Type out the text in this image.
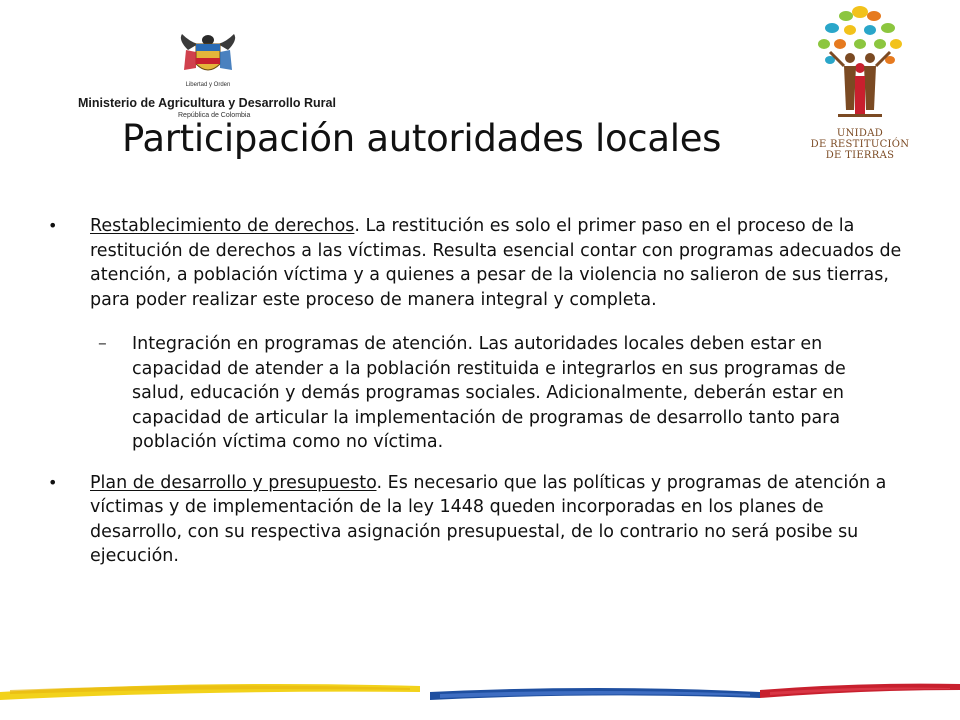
Libertad y Orden
Ministerio de Agricultura y Desarrollo Rural
República de Colombia
UNIDAD
DE RESTITUCIÓN
DE TIERRAS
Participación autoridades locales
•	Restablecimiento de derechos. La restitución es solo el primer paso en el proceso de la restitución de derechos a las víctimas. Resulta esencial contar con programas adecuados de atención, a población víctima y a quienes a pesar de la violencia no salieron de sus tierras, para poder realizar este proceso de manera integral y completa.
–	Integración en programas de atención. Las autoridades locales deben estar en capacidad de atender a la población restituida e integrarlos en sus programas de salud, educación y demás programas sociales. Adicionalmente, deberán estar en capacidad de articular la implementación de programas de desarrollo tanto para población víctima como no víctima.
•	Plan de desarrollo y presupuesto. Es necesario que las políticas y programas de atención a víctimas y de implementación de la ley 1448 queden incorporadas en los planes de desarrollo, con su respectiva asignación presupuestal, de lo contrario no será posibe su ejecución.
